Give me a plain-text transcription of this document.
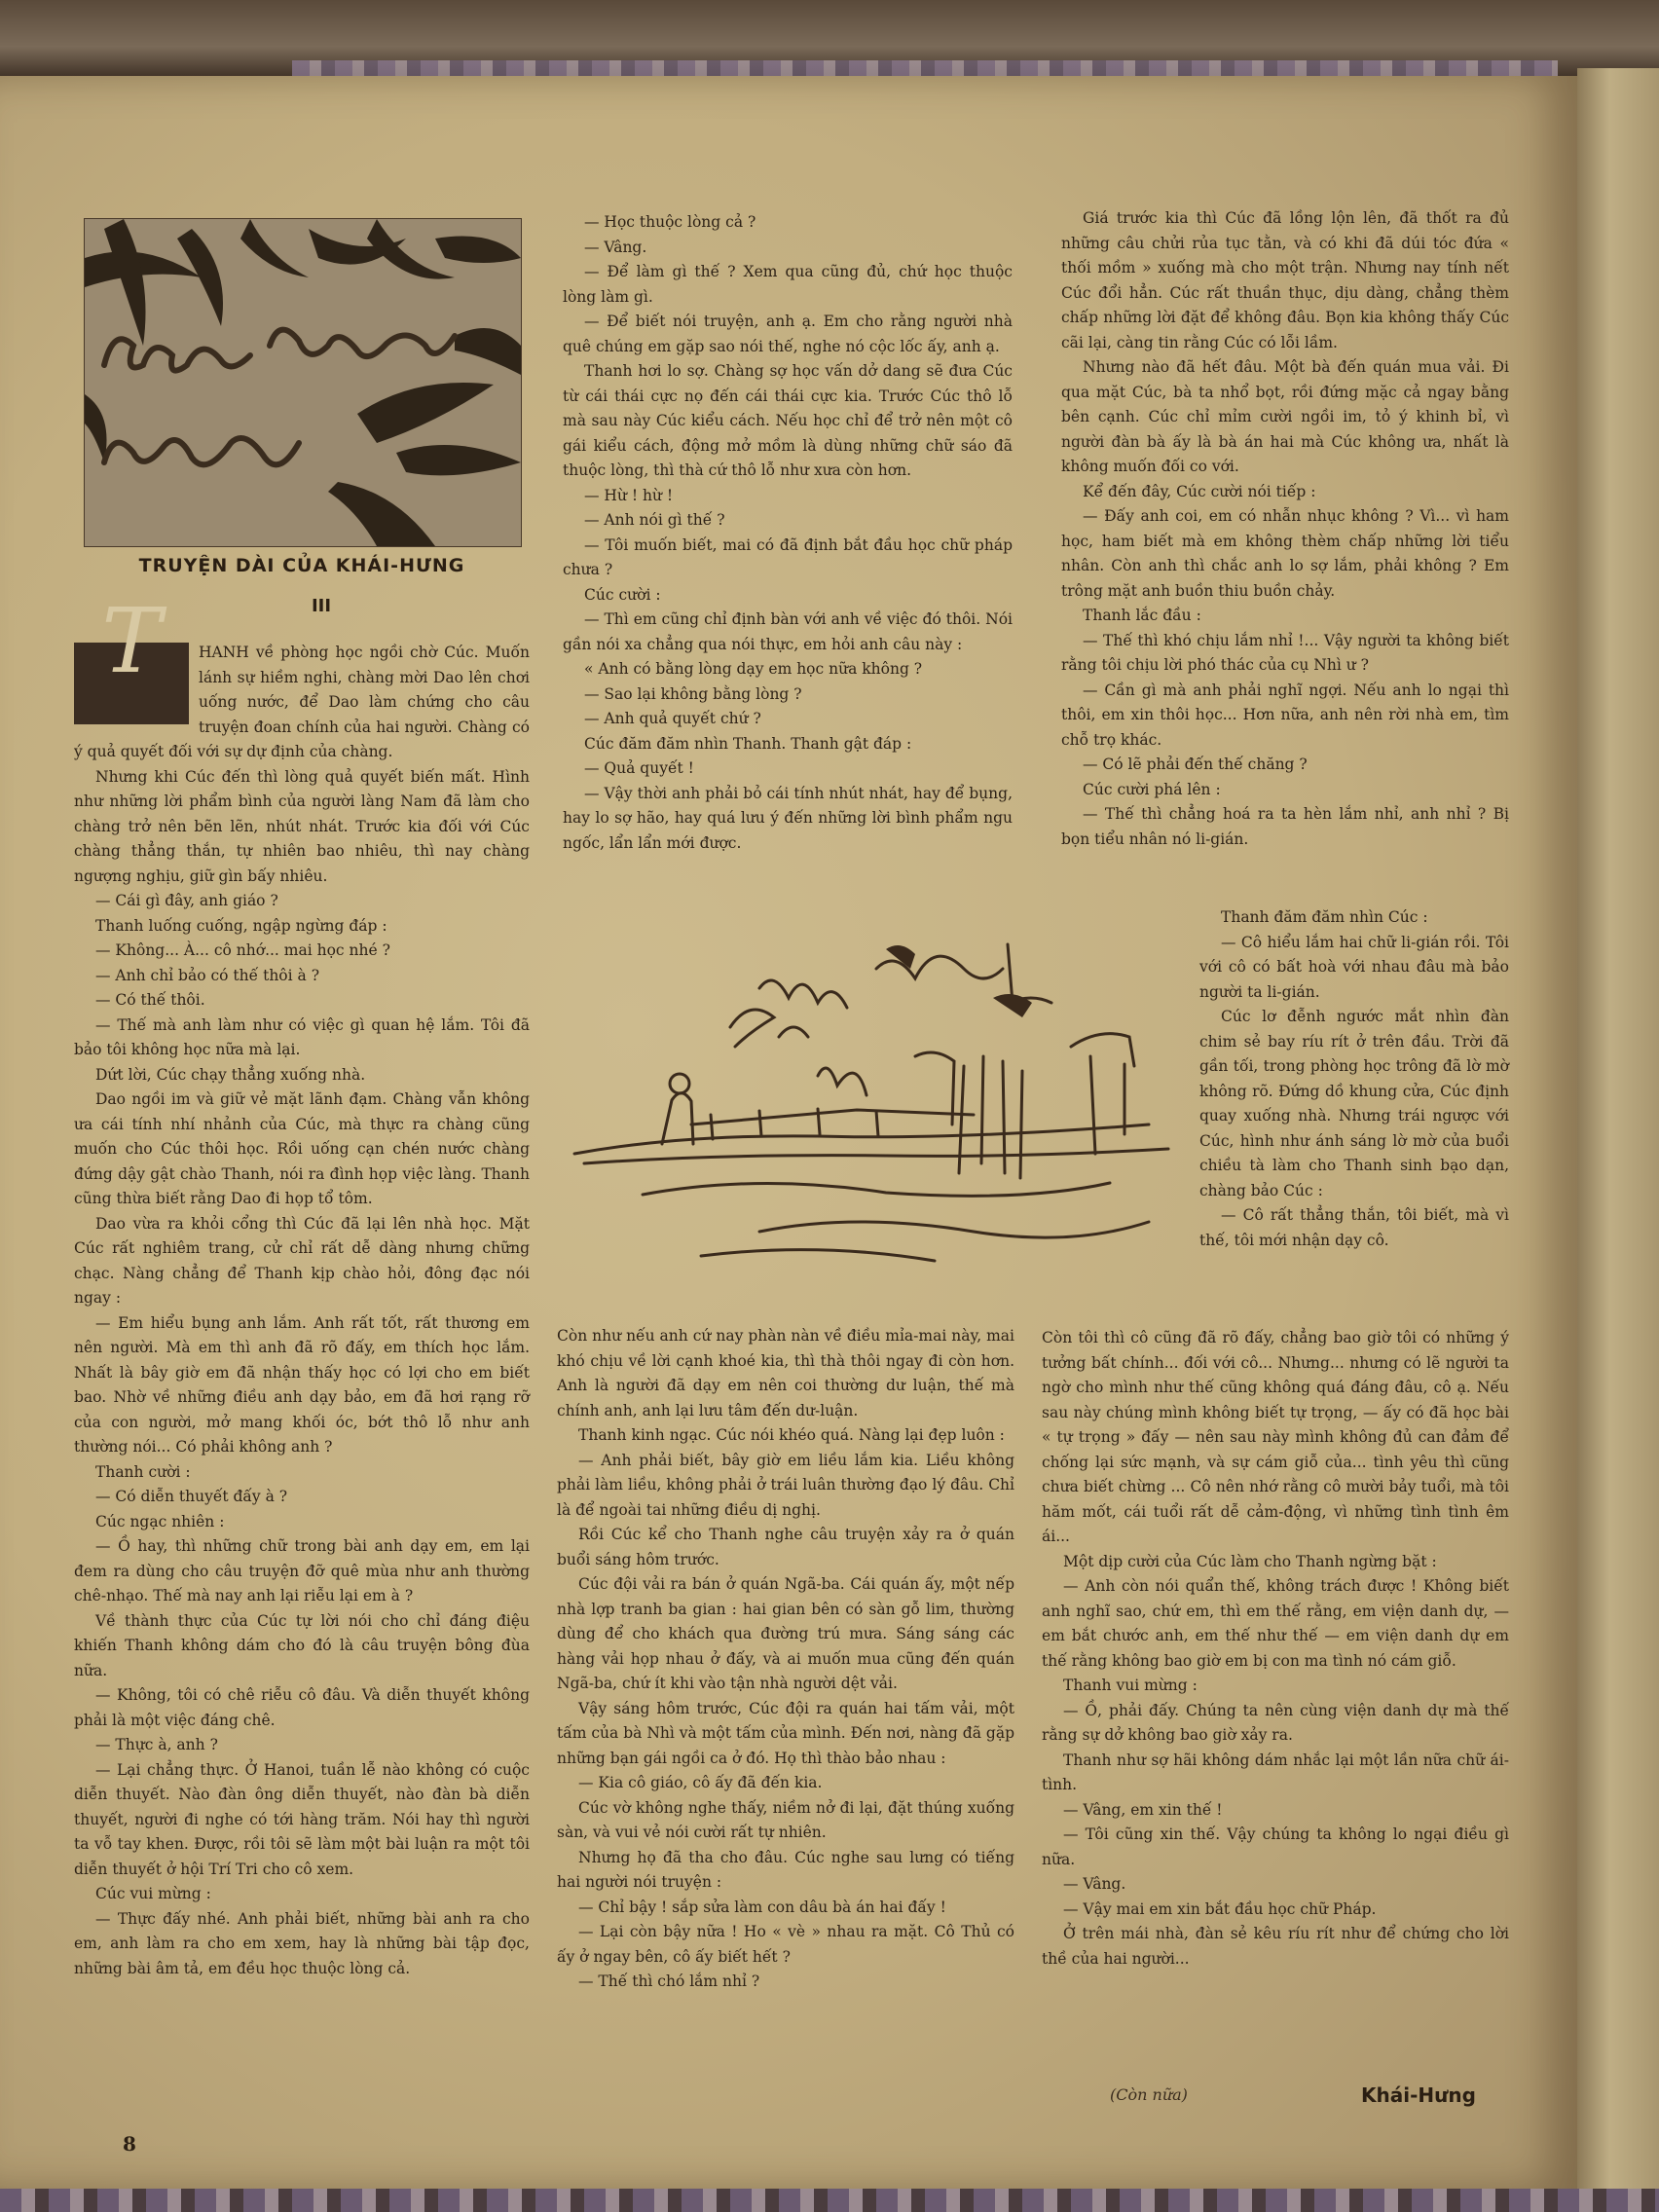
TRUYỆN DÀI CỦA KHÁI-HƯNG
III
T	HANH về phòng học ngồi chờ Cúc. Muốn lánh sự hiềm nghi, chàng mời Dao lên chơi uống nước, để Dao làm chứng cho câu truyện đoan chính của hai người. Chàng có ý quả quyết đối với sự dự định của chàng.

Nhưng khi Cúc đến thì lòng quả quyết biến mất. Hình như những lời phẩm bình của người làng Nam đã làm cho chàng trở nên bẽn lẽn, nhút nhát. Trước kia đối với Cúc chàng thẳng thắn, tự nhiên bao nhiêu, thì nay chàng ngượng nghịu, giữ gìn bấy nhiêu.

— Cái gì đây, anh giáo ?

Thanh luống cuống, ngập ngừng đáp :

— Không... À... cô nhớ... mai học nhé ?

— Anh chỉ bảo có thế thôi à ?

— Có thế thôi.

— Thế mà anh làm như có việc gì quan hệ lắm. Tôi đã bảo tôi không học nữa mà lại.

Dứt lời, Cúc chạy thẳng xuống nhà.

Dao ngồi im và giữ vẻ mặt lãnh đạm. Chàng vẫn không ưa cái tính nhí nhảnh của Cúc, mà thực ra chàng cũng muốn cho Cúc thôi học. Rồi uống cạn chén nước chàng đứng dậy gật chào Thanh, nói ra đình họp việc làng. Thanh cũng thừa biết rằng Dao đi họp tổ tôm.

Dao vừa ra khỏi cổng thì Cúc đã lại lên nhà học. Mặt Cúc rất nghiêm trang, cử chỉ rất dễ dàng nhưng chững chạc. Nàng chẳng để Thanh kịp chào hỏi, đông đạc nói ngay :

— Em hiểu bụng anh lắm. Anh rất tốt, rất thương em nên người. Mà em thì anh đã rõ đấy, em thích học lắm. Nhất là bây giờ em đã nhận thấy học có lợi cho em biết bao. Nhờ về những điều anh dạy bảo, em đã hơi rạng rỡ của con người, mở mang khối óc, bớt thô lỗ như anh thường nói... Có phải không anh ?

Thanh cười :

— Có diễn thuyết đấy à ?

Cúc ngạc nhiên :

— Ồ hay, thì những chữ trong bài anh dạy em, em lại đem ra dùng cho câu truyện đỡ quê mùa như anh thường chê-nhạo. Thế mà nay anh lại riễu lại em à ?

Về thành thực của Cúc tự lời nói cho chỉ đáng điệu khiến Thanh không dám cho đó là câu truyện bông đùa nữa.

— Không, tôi có chê riễu cô đâu. Và diễn thuyết không phải là một việc đáng chê.

— Thực à, anh ?

— Lại chẳng thực. Ở Hanoi, tuần lễ nào không có cuộc diễn thuyết. Nào đàn ông diễn thuyết, nào đàn bà diễn thuyết, người đi nghe có tới hàng trăm. Nói hay thì người ta vỗ tay khen. Được, rồi tôi sẽ làm một bài luận ra một tôi diễn thuyết ở hội Trí Tri cho cô xem.

Cúc vui mừng :

— Thực đấy nhé. Anh phải biết, những bài anh ra cho em, anh làm ra cho em xem, hay là những bài tập đọc, những bài âm tả, em đều học thuộc lòng cả.

— Học thuộc lòng cả ?

— Vâng.

— Để làm gì thế ? Xem qua cũng đủ, chứ học thuộc lòng làm gì.

— Để biết nói truyện, anh ạ. Em cho rằng người nhà quê chúng em gặp sao nói thế, nghe nó cộc lốc ấy, anh ạ.

Thanh hơi lo sợ. Chàng sợ học vấn dở dang sẽ đưa Cúc từ cái thái cực nọ đến cái thái cực kia. Trước Cúc thô lỗ mà sau này Cúc kiểu cách. Nếu học chỉ để trở nên một cô gái kiểu cách, động mở mồm là dùng những chữ sáo đã thuộc lòng, thì thà cứ thô lỗ như xưa còn hơn.

— Hừ ! hừ !

— Anh nói gì thế ?

— Tôi muốn biết, mai có đã định bắt đầu học chữ pháp chưa ?

Cúc cười :

— Thì em cũng chỉ định bàn với anh về việc đó thôi. Nói gần nói xa chẳng qua nói thực, em hỏi anh câu này :

« Anh có bằng lòng dạy em học nữa không ?

— Sao lại không bằng lòng ?

— Anh quả quyết chứ ?

Cúc đăm đăm nhìn Thanh. Thanh gật đáp :

— Quả quyết !

— Vậy thời anh phải bỏ cái tính nhút nhát, hay để bụng, hay lo sợ hão, hay quá lưu ý đến những lời bình phẩm ngu ngốc, lẩn lẩn mới được.

Còn như nếu anh cứ nay phàn nàn về điều mỉa-mai này, mai khó chịu về lời cạnh khoé kia, thì thà thôi ngay đi còn hơn. Anh là người đã dạy em nên coi thường dư luận, thế mà chính anh, anh lại lưu tâm đến dư-luận.

Thanh kinh ngạc. Cúc nói khéo quá. Nàng lại đẹp luôn :

— Anh phải biết, bây giờ em liều lắm kia. Liều không phải làm liều, không phải ở trái luân thường đạo lý đâu. Chỉ là để ngoài tai những điều dị nghị.

Rồi Cúc kể cho Thanh nghe câu truyện xảy ra ở quán buổi sáng hôm trước.

Cúc đội vải ra bán ở quán Ngã-ba. Cái quán ấy, một nếp nhà lợp tranh ba gian : hai gian bên có sàn gỗ lim, thường dùng để cho khách qua đường trú mưa. Sáng sáng các hàng vải họp nhau ở đấy, và ai muốn mua cũng đến quán Ngã-ba, chứ ít khi vào tận nhà người dệt vải.

Vậy sáng hôm trước, Cúc đội ra quán hai tấm vải, một tấm của bà Nhì và một tấm của mình. Đến nơi, nàng đã gặp những bạn gái ngồi ca ở đó. Họ thì thào bảo nhau :

— Kia cô giáo, cô ấy đã đến kia.

Cúc vờ không nghe thấy, niềm nở đi lại, đặt thúng xuống sàn, và vui vẻ nói cười rất tự nhiên.

Nhưng họ đã tha cho đâu. Cúc nghe sau lưng có tiếng hai người nói truyện :

— Chỉ bậy ! sắp sửa làm con dâu bà án hai đấy !

— Lại còn bậy nữa ! Ho « vè » nhau ra mặt. Cô Thủ có ấy ở ngay bên, cô ấy biết hết ?

— Thế thì chó lắm nhỉ ?

Giá trước kia thì Cúc đã lồng lộn lên, đã thốt ra đủ những câu chửi rủa tục tằn, và có khi đã dúi tóc đứa « thối mồm » xuống mà cho một trận. Nhưng nay tính nết Cúc đổi hẳn. Cúc rất thuần thục, dịu dàng, chẳng thèm chấp những lời đặt để không đâu. Bọn kia không thấy Cúc cãi lại, càng tin rằng Cúc có lỗi lầm.

Nhưng nào đã hết đâu. Một bà đến quán mua vải. Đi qua mặt Cúc, bà ta nhổ bọt, rồi đứng mặc cả ngay bằng bên cạnh. Cúc chỉ mỉm cười ngồi im, tỏ ý khinh bỉ, vì người đàn bà ấy là bà án hai mà Cúc không ưa, nhất là không muốn đối co với.

Kể đến đây, Cúc cười nói tiếp :

— Đấy anh coi, em có nhẫn nhục không ? Vì... vì ham học, ham biết mà em không thèm chấp những lời tiểu nhân. Còn anh thì chắc anh lo sợ lắm, phải không ? Em trông mặt anh buồn thiu buồn chảy.

Thanh lắc đầu :

— Thế thì khó chịu lắm nhỉ !... Vậy người ta không biết rằng tôi chịu lời phó thác của cụ Nhì ư ?

— Cần gì mà anh phải nghĩ ngợi. Nếu anh lo ngại thì thôi, em xin thôi học... Hơn nữa, anh nên rời nhà em, tìm chỗ trọ khác.

— Có lẽ phải đến thế chăng ?

Cúc cười phá lên :

— Thế thì chẳng hoá ra ta hèn lắm nhỉ, anh nhỉ ? Bị bọn tiểu nhân nó li-gián.

Thanh đăm đăm nhìn Cúc :

— Cô hiểu lắm hai chữ li-gián rồi. Tôi với cô có bất hoà với nhau đâu mà bảo người ta li-gián.

Cúc lơ đễnh ngước mắt nhìn đàn chim sẻ bay ríu rít ở trên đầu. Trời đã gần tối, trong phòng học trông đã lờ mờ không rõ. Đứng dồ khung cửa, Cúc định quay xuống nhà. Nhưng trái ngược với Cúc, hình như ánh sáng lờ mờ của buổi chiều tà làm cho Thanh sinh bạo dạn, chàng bảo Cúc :

— Cô rất thẳng thắn, tôi biết, mà vì thế, tôi mới nhận dạy cô.

Còn tôi thì cô cũng đã rõ đấy, chẳng bao giờ tôi có những ý tưởng bất chính... đối với cô... Nhưng... nhưng có lẽ người ta ngờ cho mình như thế cũng không quá đáng đâu, cô ạ. Nếu sau này chúng mình không biết tự trọng, — ấy có đã học bài « tự trọng » đấy — nên sau này mình không đủ can đảm để chống lại sức mạnh, và sự cám giỗ của... tình yêu thì cũng chưa biết chừng ... Cô nên nhớ rằng cô mười bảy tuổi, mà tôi hăm mốt, cái tuổi rất dễ cảm-động, vì những tình tình êm ái...

Một dịp cười của Cúc làm cho Thanh ngừng bặt :

— Anh còn nói quẩn thế, không trách được ! Không biết anh nghĩ sao, chứ em, thì em thế rằng, em viện danh dự, — em bắt chước anh, em thế như thế — em viện danh dự em thế rằng không bao giờ em bị con ma tình nó cám giỗ.

Thanh vui mừng :

— Ồ, phải đấy. Chúng ta nên cùng viện danh dự mà thế rằng sự dở không bao giờ xảy ra.

Thanh như sợ hãi không dám nhắc lại một lần nữa chữ ái-tình.

— Vâng, em xin thế !

— Tôi cũng xin thế. Vậy chúng ta không lo ngại điều gì nữa.

— Vâng.

— Vậy mai em xin bắt đầu học chữ Pháp.

Ở trên mái nhà, đàn sẻ kêu ríu rít như để chứng cho lời thề của hai người...

(Còn nữa)	Khái-Hưng
8
